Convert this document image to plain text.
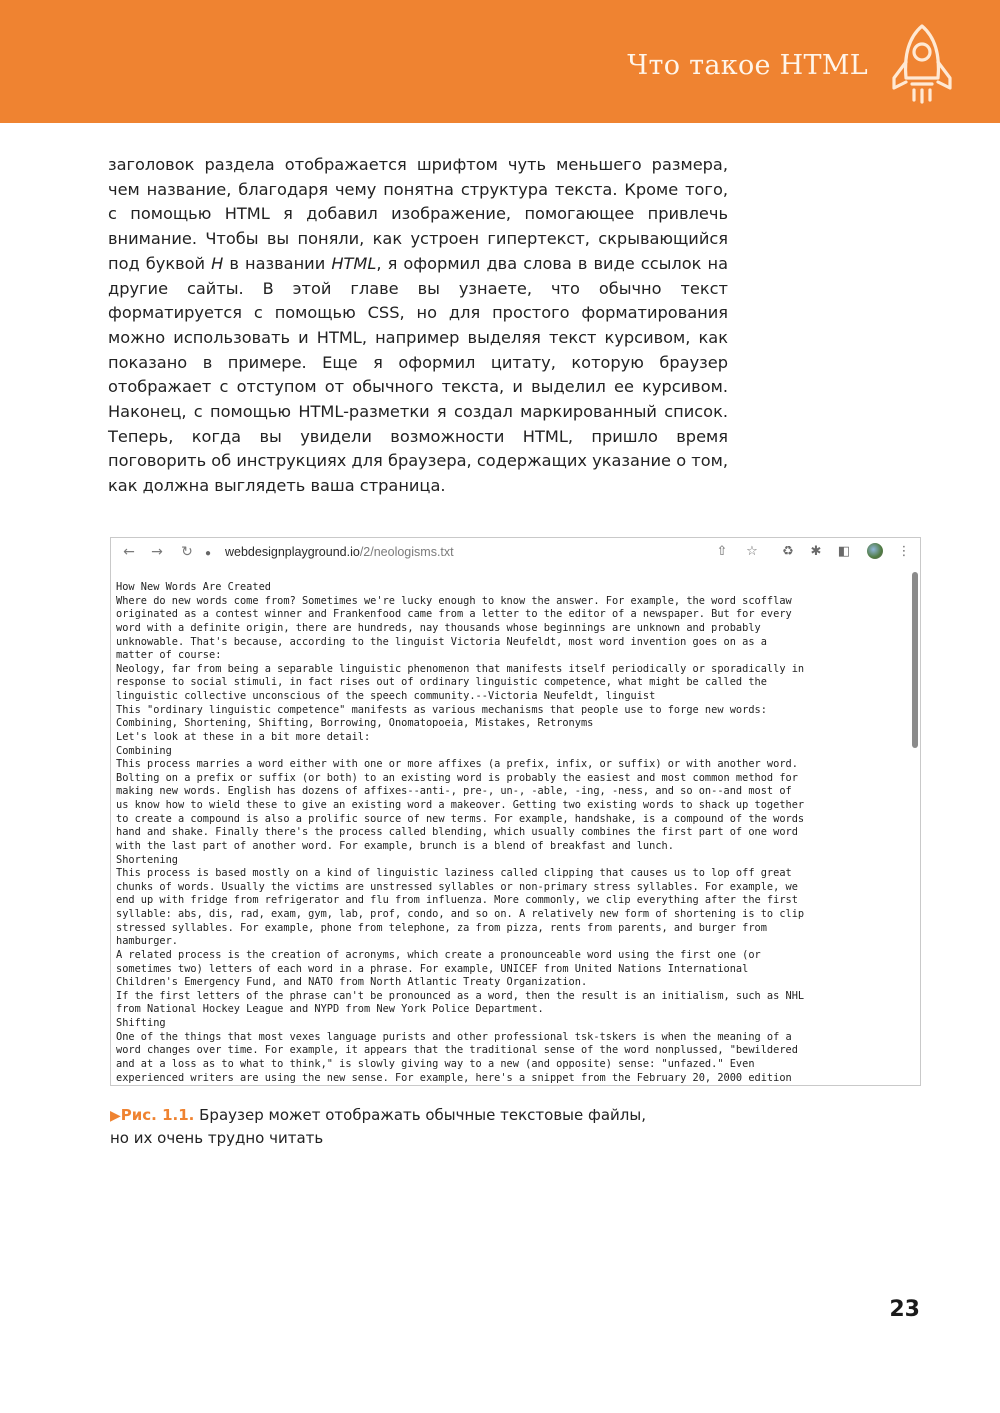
Что такое HTML
заголовок раздела отображается шрифтом чуть меньшего размера, чем название, благодаря чему понятна структура текста. Кроме того, с помощью HTML я добавил изображение, помогающее привлечь внимание. Чтобы вы поняли, как устроен гипертекст, скрывающийся под буквой H в названии HTML, я оформил два слова в виде ссылок на другие сайты. В этой главе вы узнаете, что обычно текст форматируется с помощью CSS, но для простого форматирования можно использовать и HTML, например выделяя текст курсивом, как показано в примере. Еще я оформил цитату, которую браузер отображает с отступом от обычного текста, и выделил ее курсивом. Наконец, с помощью HTML-разметки я создал маркированный список. Теперь, когда вы увидели возможности HTML, пришло время поговорить об инструкциях для браузера, содержащих указание о том, как должна выглядеть ваша страница.
← → ↻	● webdesignplayground.io/2/neologisms.txt	⇧ ☆ ♻ ✱ ◧	⋮
How New Words Are Created
Where do new words come from? Sometimes we're lucky enough to know the answer. For example, the word scofflaw
originated as a contest winner and Frankenfood came from a letter to the editor of a newspaper. But for every
word with a definite origin, there are hundreds, nay thousands whose beginnings are unknown and probably
unknowable. That's because, according to the linguist Victoria Neufeldt, most word invention goes on as a
matter of course:
Neology, far from being a separable linguistic phenomenon that manifests itself periodically or sporadically in
response to social stimuli, in fact rises out of ordinary linguistic competence, what might be called the
linguistic collective unconscious of the speech community.--Victoria Neufeldt, linguist
This "ordinary linguistic competence" manifests as various mechanisms that people use to forge new words:
Combining, Shortening, Shifting, Borrowing, Onomatopoeia, Mistakes, Retronyms
Let's look at these in a bit more detail:
Combining
This process marries a word either with one or more affixes (a prefix, infix, or suffix) or with another word.
Bolting on a prefix or suffix (or both) to an existing word is probably the easiest and most common method for
making new words. English has dozens of affixes--anti-, pre-, un-, -able, -ing, -ness, and so on--and most of
us know how to wield these to give an existing word a makeover. Getting two existing words to shack up together
to create a compound is also a prolific source of new terms. For example, handshake, is a compound of the words
hand and shake. Finally there's the process called blending, which usually combines the first part of one word
with the last part of another word. For example, brunch is a blend of breakfast and lunch.
Shortening
This process is based mostly on a kind of linguistic laziness called clipping that causes us to lop off great
chunks of words. Usually the victims are unstressed syllables or non-primary stress syllables. For example, we
end up with fridge from refrigerator and flu from influenza. More commonly, we clip everything after the first
syllable: abs, dis, rad, exam, gym, lab, prof, condo, and so on. A relatively new form of shortening is to clip
stressed syllables. For example, phone from telephone, za from pizza, rents from parents, and burger from
hamburger.
A related process is the creation of acronyms, which create a pronounceable word using the first one (or
sometimes two) letters of each word in a phrase. For example, UNICEF from United Nations International
Children's Emergency Fund, and NATO from North Atlantic Treaty Organization.
If the first letters of the phrase can't be pronounced as a word, then the result is an initialism, such as NHL
from National Hockey League and NYPD from New York Police Department.
Shifting
One of the things that most vexes language purists and other professional tsk-tskers is when the meaning of a
word changes over time. For example, it appears that the traditional sense of the word nonplussed, "bewildered
and at a loss as to what to think," is slowly giving way to a new (and opposite) sense: "unfazed." Even
experienced writers are using the new sense. For example, here's a snippet from the February 20, 2000 edition
▶Рис. 1.1. Браузер может отображать обычные текстовые файлы,
но их очень трудно читать
23
